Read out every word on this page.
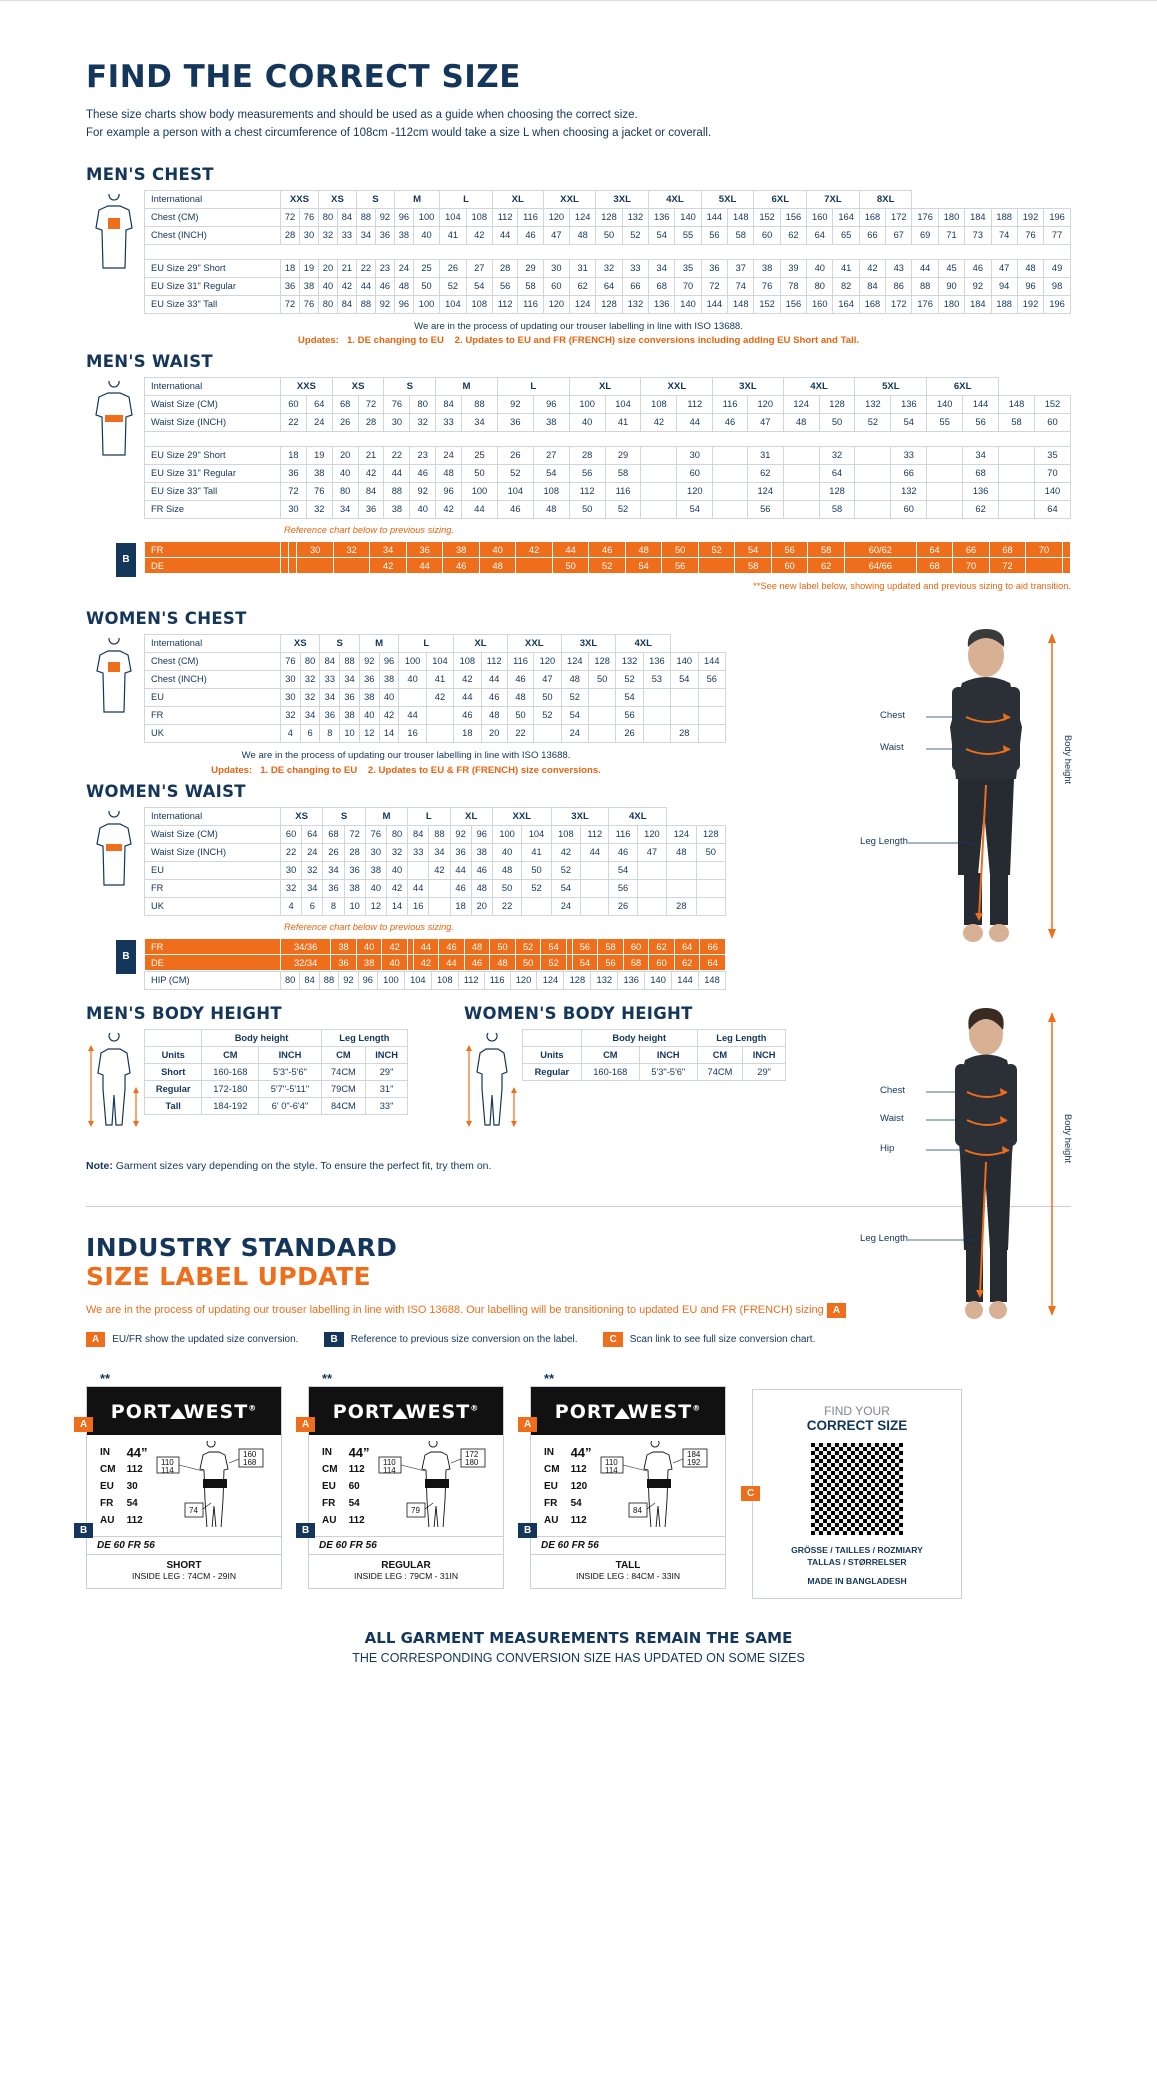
FIND THE CORRECT SIZE
These size charts show body measurements and should be used as a guide when choosing the correct size.
For example a person with a chest circumference of 108cm -112cm would take a size L when choosing a jacket or coverall.
MEN'S CHEST
International	XXS		XS		S		M		L		XL		XXL		3XL		4XL		5XL		6XL		7XL		8XL							
Chest (CM)	72	76	80	84	88	92	96	100	104	108	112	116	120	124	128	132	136	140	144	148	152	156	160	164	168	172	176	180	184	188	192	196
Chest (INCH)	28	30	32	33	34	36	38	40	41	42	44	46	47	48	50	52	54	55	56	58	60	62	64	65	66	67	69	71	73	74	76	77

EU Size 29" Short	18	19	20	21	22	23	24	25	26	27	28	29	30	31	32	33	34	35	36	37	38	39	40	41	42	43	44	45	46	47	48	49
EU Size 31" Regular	36	38	40	42	44	46	48	50	52	54	56	58	60	62	64	66	68	70	72	74	76	78	80	82	84	86	88	90	92	94	96	98
EU Size 33" Tall	72	76	80	84	88	92	96	100	104	108	112	116	120	124	128	132	136	140	144	148	152	156	160	164	168	172	176	180	184	188	192	196
We are in the process of updating our trouser labelling in line with ISO 13688.
Updates: 1. DE changing to EU 2. Updates to EU and FR (FRENCH) size conversions including adding EU Short and Tall.
MEN'S WAIST
International	XXS		XS		S		M		L		XL		XXL		3XL		4XL		5XL		6XL			
Waist Size (CM)	60	64	68	72	76	80	84	88	92	96	100	104	108	112	116	120	124	128	132	136	140	144	148	152
Waist Size (INCH)	22	24	26	28	30	32	33	34	36	38	40	41	42	44	46	47	48	50	52	54	55	56	58	60

EU Size 29" Short	18	19	20	21	22	23	24	25	26	27	28	29		30		31		32		33		34		35
EU Size 31" Regular	36	38	40	42	44	46	48	50	52	54	56	58		60		62		64		66		68		70
EU Size 33" Tall	72	76	80	84	88	92	96	100	104	108	112	116		120		124		128		132		136		140
FR Size	30	32	34	36	38	40	42	44	46	48	50	52		54		56		58		60		62		64
Reference chart below to previous sizing.
B
FR			30	32	34	36	38	40	42	44	46	48	50	52	54	56	58	60/62	64	66	68	70	
DE					42	44	46	48		50	52	54	56		58	60	62	64/66	68	70	72		
**See new label below, showing updated and previous sizing to aid transition.
WOMEN'S CHEST
International	XS		S		M		L		XL		XXL		3XL		4XL			
Chest (CM)	76	80	84	88	92	96	100	104	108	112	116	120	124	128	132	136	140	144
Chest (INCH)	30	32	33	34	36	38	40	41	42	44	46	47	48	50	52	53	54	56
EU	30	32	34	36	38	40		42	44	46	48	50	52		54			
FR	32	34	36	38	40	42	44		46	48	50	52	54		56			
UK	4	6	8	10	12	14	16		18	20	22		24		26		28	
We are in the process of updating our trouser labelling in line with ISO 13688.
Updates: 1. DE changing to EU 2. Updates to EU & FR (FRENCH) size conversions.
WOMEN'S WAIST
International	XS		S		M		L		XL		XXL		3XL		4XL			
Waist Size (CM)	60	64	68	72	76	80	84	88	92	96	100	104	108	112	116	120	124	128
Waist Size (INCH)	22	24	26	28	30	32	33	34	36	38	40	41	42	44	46	47	48	50
EU	30	32	34	36	38	40		42	44	46	48	50	52		54			
FR	32	34	36	38	40	42	44		46	48	50	52	54		56			
UK	4	6	8	10	12	14	16		18	20	22		24		26		28	
Reference chart below to previous sizing.
B
FR	34/36	38	40	42		44	46	48	50	52	54		56	58	60	62	64	66
DE	32/34	36	38	40		42	44	46	48	50	52		54	56	58	60	62	64
HIP (CM)	80	84	88	92	96	100	104	108	112	116	120	124	128	132	136	140	144	148
MEN'S BODY HEIGHT
	Body height		Leg Length	
Units	CM	INCH	CM	INCH
Short	160-168	5'3"-5'6"	74CM	29"
Regular	172-180	5'7"-5'11"	79CM	31"
Tall	184-192	6' 0"-6'4"	84CM	33"
WOMEN'S BODY HEIGHT
	Body height		Leg Length	
Units	CM	INCH	CM	INCH
Regular	160-168	5'3"-5'6"	74CM	29"
Note: Garment sizes vary depending on the style. To ensure the perfect fit, try them on.
INDUSTRY STANDARD
SIZE LABEL UPDATE
We are in the process of updating our trouser labelling in line with ISO 13688. Our labelling will be transitioning to updated EU and FR (FRENCH) sizing A
A	EU/FR show the updated size conversion.	B	Reference to previous size conversion on the label.	C	Scan link to see full size conversion chart.
**
PORT WEST®
IN	44”
CM	112
EU	30
FR	54
AU	112
110
114
160
168
74
DE 60 FR 56
SHORT
INSIDE LEG : 74CM - 29IN
A
B
**
PORT WEST®
IN	44”
CM	112
EU	60
FR	54
AU	112
110
114
172
180
79
DE 60 FR 56
REGULAR
INSIDE LEG : 79CM - 31IN
A
B
**
PORT WEST®
IN	44”
CM	112
EU	120
FR	54
AU	112
110
114
184
192
84
DE 60 FR 56
TALL
INSIDE LEG : 84CM - 33IN
A
B
C
FIND YOUR
CORRECT SIZE
GRÖSSE / TAILLES / ROZMIARY
TALLAS / STØRRELSER
MADE IN BANGLADESH
ALL GARMENT MEASUREMENTS REMAIN THE SAME
THE CORRESPONDING CONVERSION SIZE HAS UPDATED ON SOME SIZES
Chest
Waist
Leg Length
Body height
Chest
Waist
Hip
Leg Length
Body height
